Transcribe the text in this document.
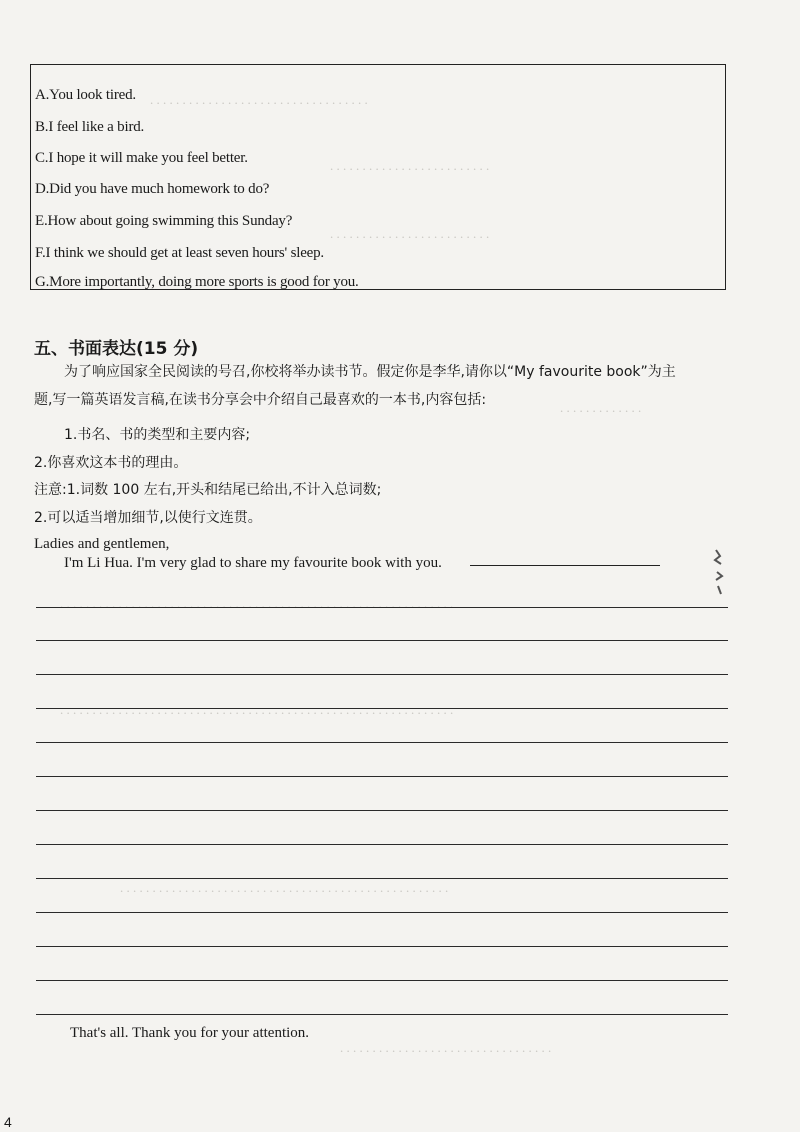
. . . . . . . . . . . . . . . . . . . . . . . . . . . . . . . . . .
. . . . . . . . . . . . . . . . . . . . . . . . .
. . . . . . . . . . . . . . . . . . . . . . . . .
. . . . . . . . . . . . .
. . . . . . . . . . . . . . . . . . . . . . . . . . . . . . . . . . . . . . . . . . . . . . . . . . . . . . . . . . . . .
. . . . . . . . . . . . . . . . . . . . . . . . . . . . . . . . . . . . . . . . . . . . . . . . . . . . . . . . . . . . .
. . . . . . . . . . . . . . . . . . . . . . . . . . . . . . . . . . . . . . . . . . . . . . . . . . .
. . . . . . . . . . . . . . . . . . . . . . . . . . . . . . . . .
A.You look tired.
B.I feel like a bird.
C.I hope it will make you feel better.
D.Did you have much homework to do?
E.How about going swimming this Sunday?
F.I think we should get at least seven hours' sleep.
G.More importantly, doing more sports is good for you.
五、书面表达(15 分)
为了响应国家全民阅读的号召,你校将举办读书节。假定你是李华,请你以“My favourite book”为主
题,写一篇英语发言稿,在读书分享会中介绍自己最喜欢的一本书,内容包括:
1.书名、书的类型和主要内容;
2.你喜欢这本书的理由。
注意:1.词数 100 左右,开头和结尾已给出,不计入总词数;
2.可以适当增加细节,以使行文连贯。
Ladies and gentlemen,
I'm Li Hua. I'm very glad to share my favourite book with you.
That's all. Thank you for your attention.
4
